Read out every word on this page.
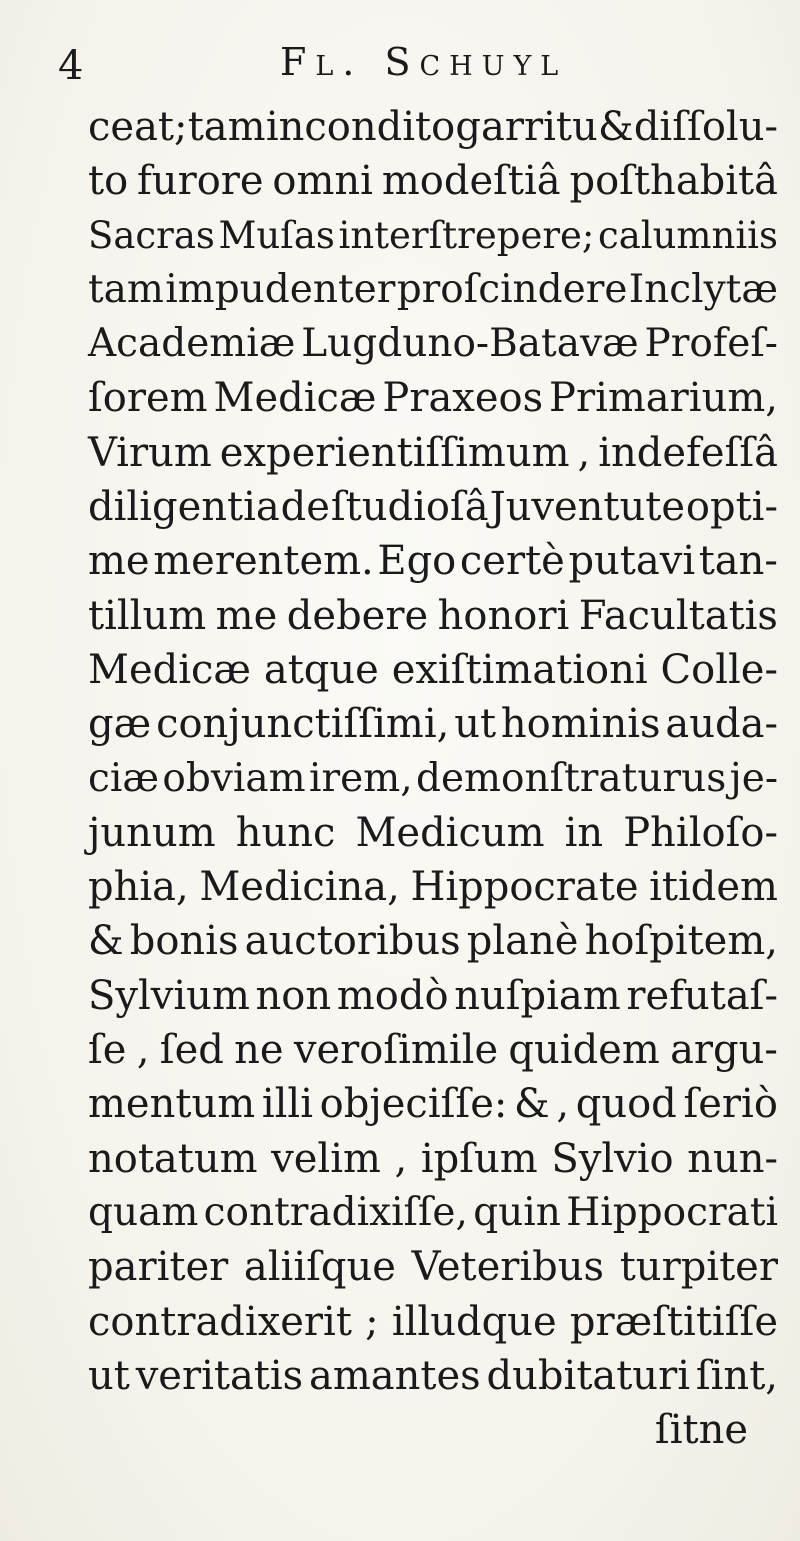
4	Fl. Schuyl
ceat; tam incondito garritu & diſſolu-
to furore omni modeſtiâ poſthabitâ
Sacras Muſas interſtrepere; calumniis
tam impudenter proſcindere Inclytæ
Academiæ Lugduno-Batavæ Profeſ-
ſorem Medicæ Praxeos Primarium,
Virum experientiſſimum , indefeſſâ
diligentia de ſtudioſâ Juventute opti-
me merentem. Ego certè putavi tan-
tillum me debere honori Facultatis
Medicæ atque exiſtimationi Colle-
gæ conjunctiſſimi, ut hominis auda-
ciæ obviam irem, demonſtraturus je-
junum hunc Medicum in Philoſo-
phia, Medicina, Hippocrate itidem
& bonis auctoribus planè hoſpitem,
Sylvium non modò nuſpiam refutaſ-
ſe , ſed ne veroſimile quidem argu-
mentum illi objeciſſe: & , quod ſeriò
notatum velim , ipſum Sylvio nun-
quam contradixiſſe, quin Hippocrati
pariter aliiſque Veteribus turpiter
contradixerit ; illudque præſtitiſſe
ut veritatis amantes dubitaturi ſint,
ſitne
